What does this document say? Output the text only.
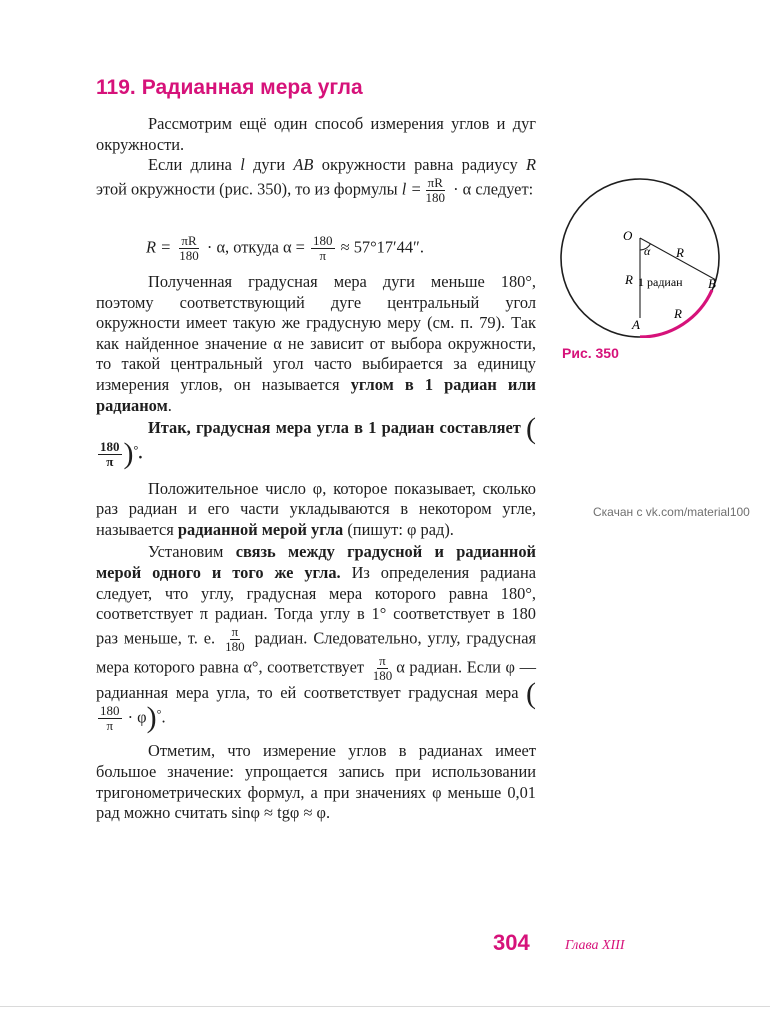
119. Радианная мера угла

Рассмотрим ещё один способ измерения углов и дуг окружности.

Если длина l дуги AB окружности равна радиусу R этой окружности (рис. 350), то из формулы $l = \frac{\pi R}{180} \cdot \alpha$ следует:

$R = \frac{\pi R}{180} \cdot \alpha$, откуда $\alpha = \frac{180}{\pi} \approx 57^\circ 17'44''$.

Полученная градусная мера дуги меньше 180°, поэтому соответствующий дуге центральный угол окружности имеет такую же градусную меру (см. п. 79). Так как найденное значение α не зависит от выбора окружности, то такой центральный угол часто выбирается за единицу измерения углов, он называется углом в 1 радиан или радианом.

Итак, градусная мера угла в 1 радиан составляет (
$\frac{180}{\pi} )^\circ$.

Положительное число φ, которое показывает, сколько раз радиан и его части укладываются в некотором угле, называется радианной мерой угла (пишут: φ рад).

Установим связь между градусной и радианной мерой одного и того же угла. Из определения радиана следует, что углу, градусная мера которого равна 180°, соответствует π радиан. Тогда углу в 1° соответствует в 180 раз меньше, т. е. $\frac{\pi}{180}$ радиан. Следовательно, углу, градусная мера которого равна α°, соответствует $\frac{\pi}{180}$ α радиан. Если φ — радианная мера угла, то ей соответствует градусная мера (
$\frac{180}{\pi} \cdot \varphi)^\circ$.

Отметим, что измерение углов в радианах имеет большое значение: упрощается запись при использовании тригонометрических формул, а при значениях φ меньше 0,01 рад можно считать sinφ ≈ tgφ ≈ φ.

O
α R
R 1 радиан B
A
R
Рис. 350
Скачан с vk.com/material100
304	Глава XIII
